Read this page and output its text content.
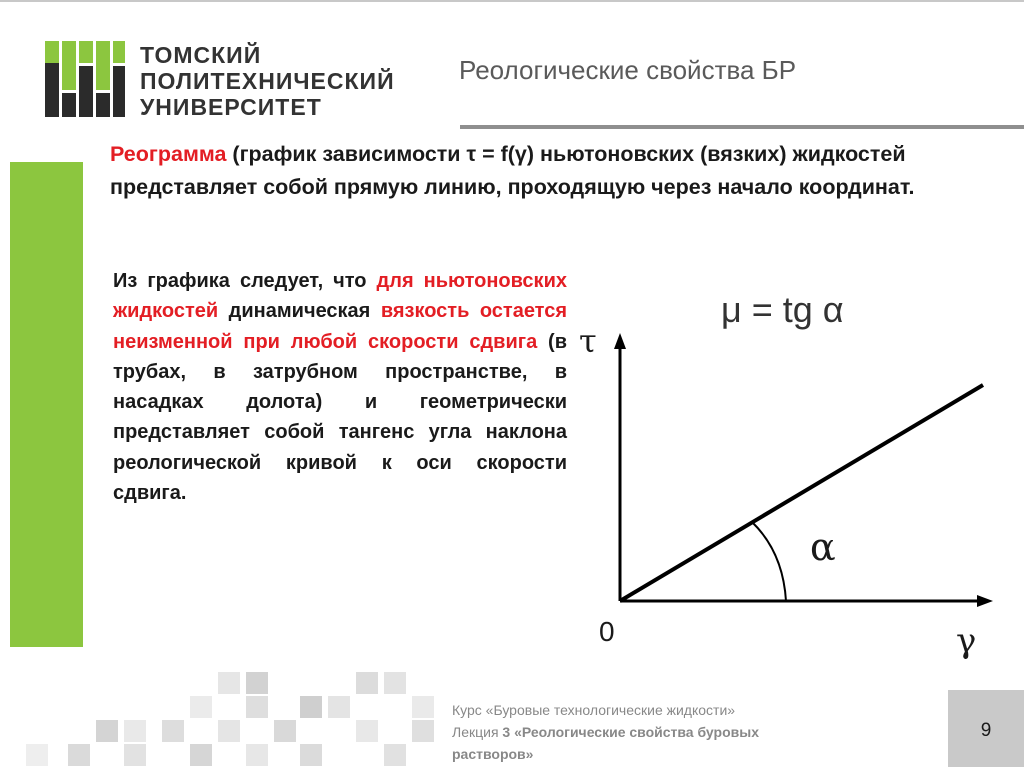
ТОМСКИЙ
ПОЛИТЕХНИЧЕСКИЙ
УНИВЕРСИТЕТ
Реологические свойства БР
Реограмма (график зависимости τ = f(γ) ньютоновских (вязких) жидкостей представляет собой прямую линию, проходящую через начало координат.
Из графика следует, что для ньютоновских жидкостей динамическая вязкость остается неизменной при любой скорости сдвига (в трубах, в затрубном пространстве, в насадках долота) и геометрически представляет собой тангенс угла наклона реологической кривой к оси скорости сдвига.
μ = tg α
τ
γ
0
α
Курс «Буровые технологические жидкости»
Лекция 3 «Реологические свойства буровых
растворов»
9
